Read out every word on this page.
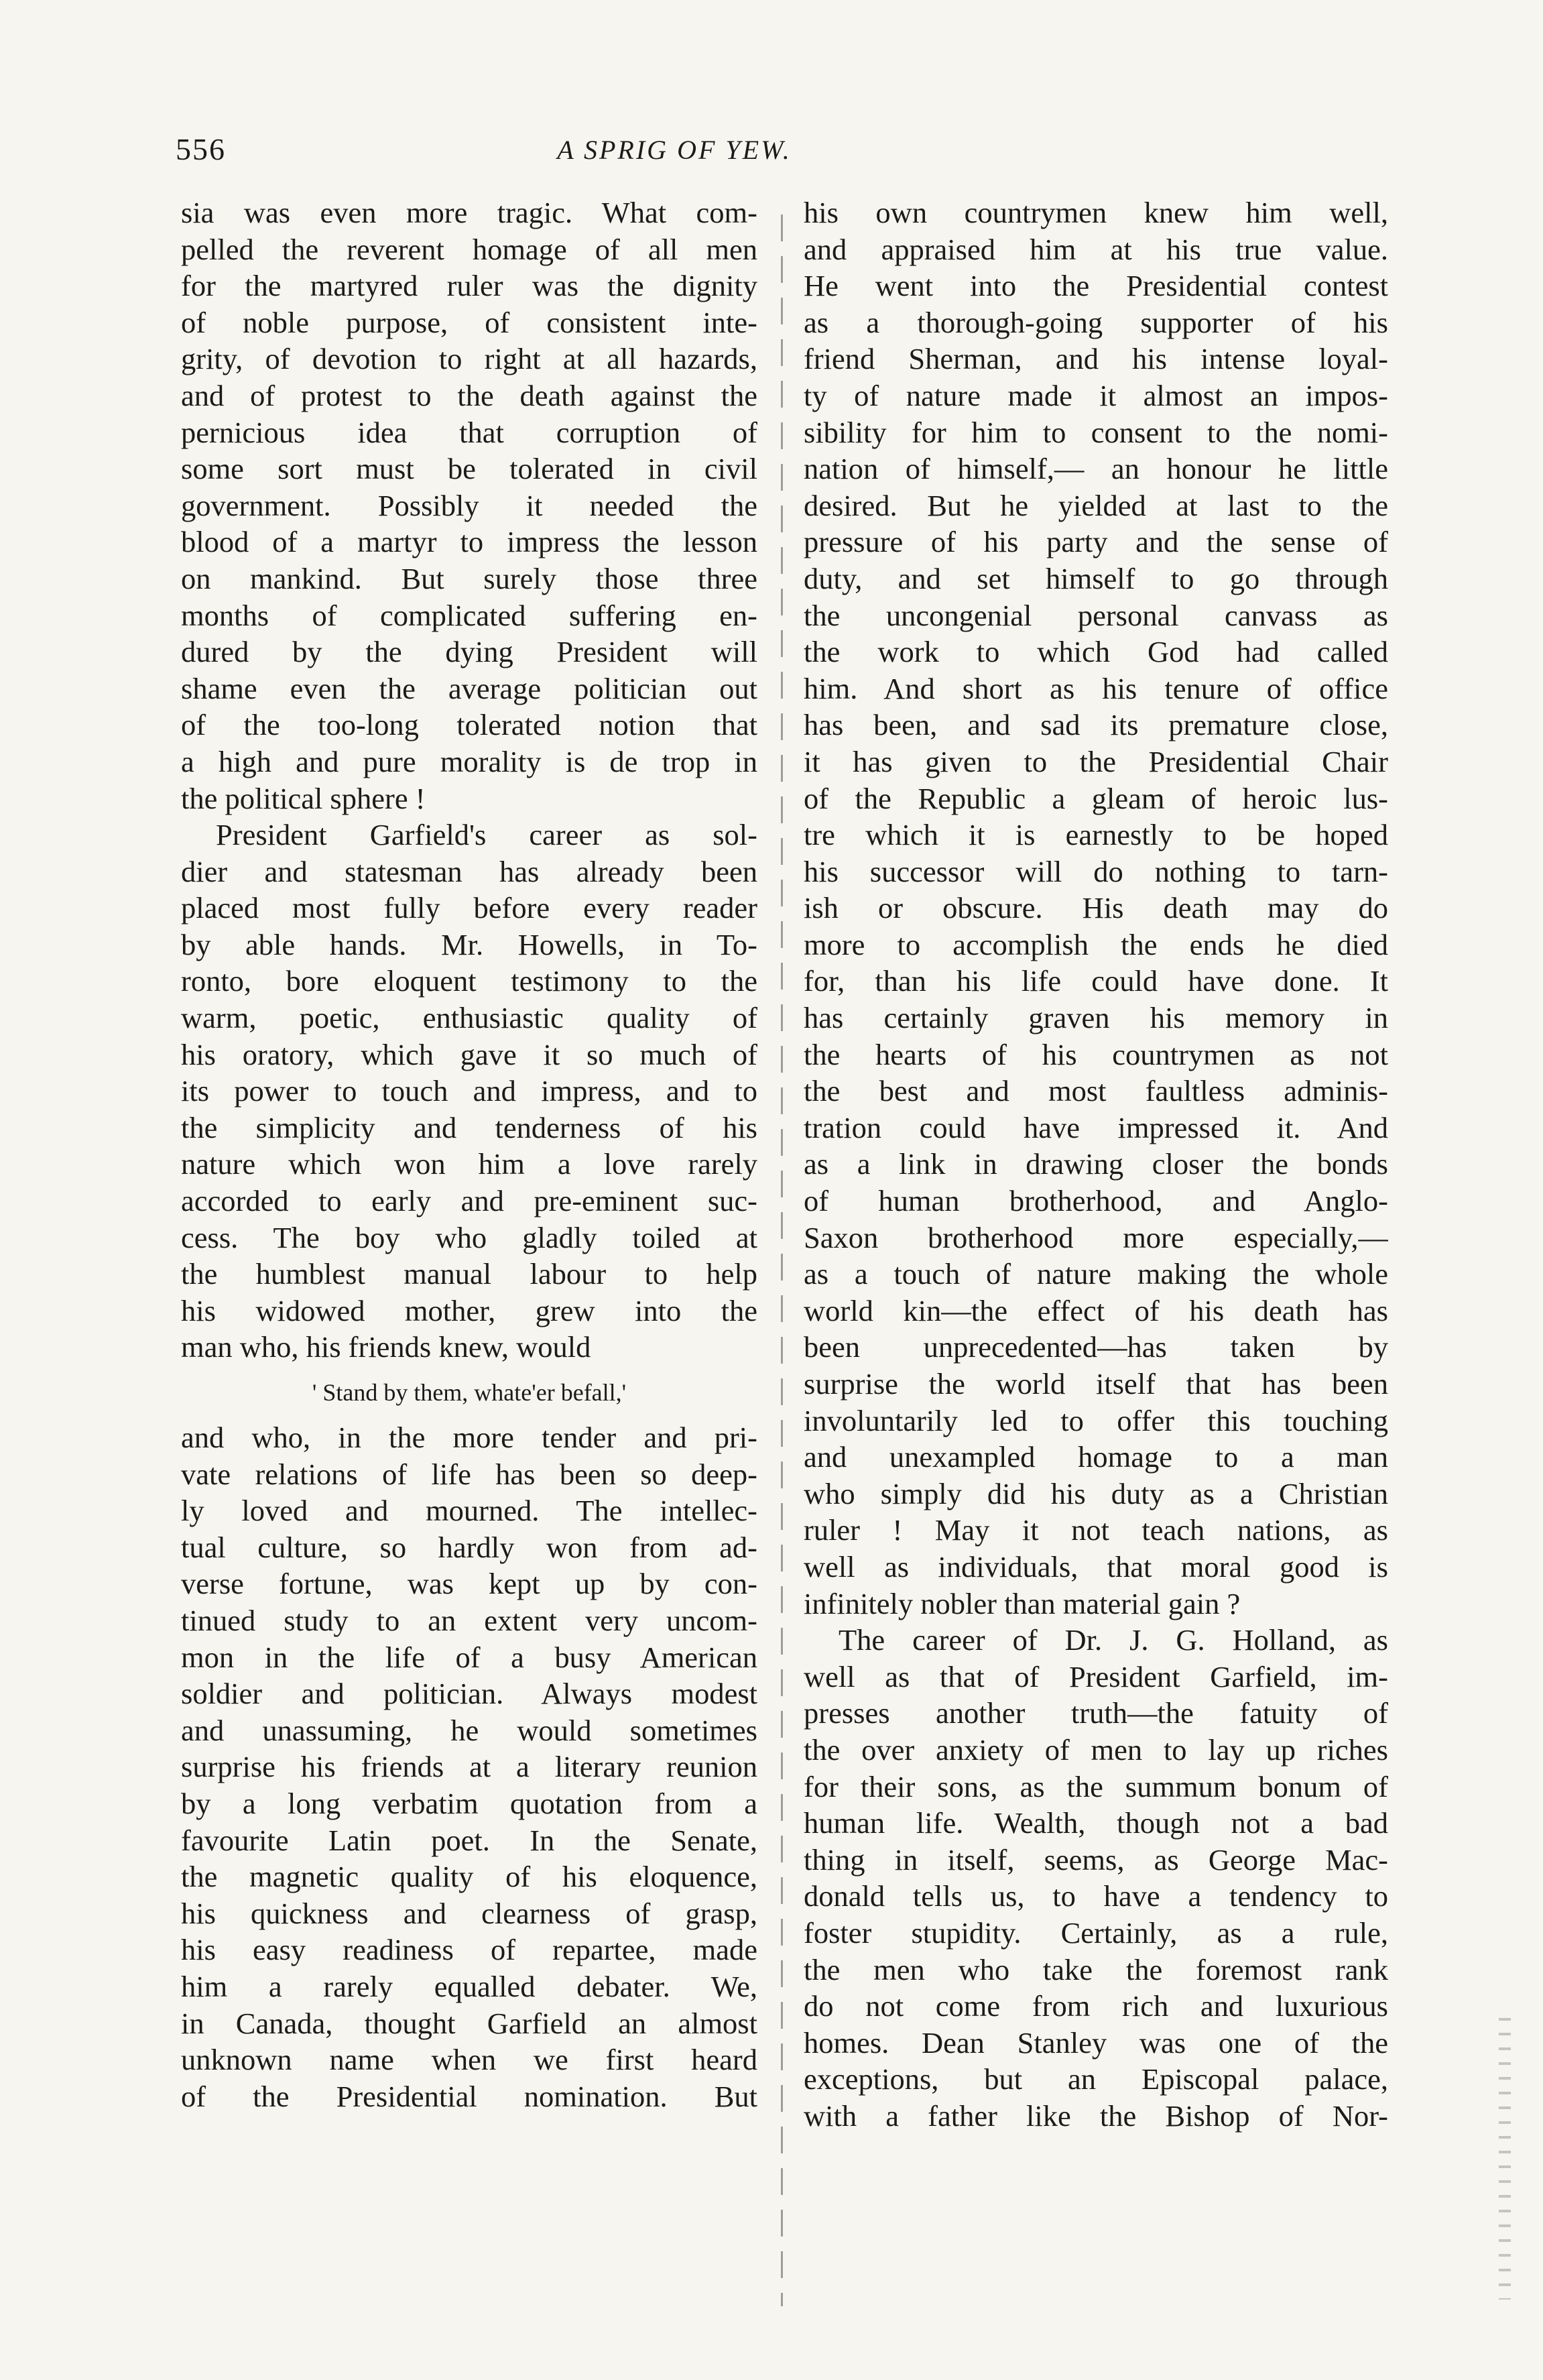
556	A SPRIG OF YEW.
sia was even more tragic. What com-
pelled the reverent homage of all men
for the martyred ruler was the dignity
of noble purpose, of consistent inte-
grity, of devotion to right at all hazards,
and of protest to the death against the
pernicious idea that corruption of
some sort must be tolerated in civil
government. Possibly it needed the
blood of a martyr to impress the lesson
on mankind. But surely those three
months of complicated suffering en-
dured by the dying President will
shame even the average politician out
of the too-long tolerated notion that
a high and pure morality is de trop in
the political sphere !
President Garfield's career as sol-
dier and statesman has already been
placed most fully before every reader
by able hands. Mr. Howells, in To-
ronto, bore eloquent testimony to the
warm, poetic, enthusiastic quality of
his oratory, which gave it so much of
its power to touch and impress, and to
the simplicity and tenderness of his
nature which won him a love rarely
accorded to early and pre-eminent suc-
cess. The boy who gladly toiled at
the humblest manual labour to help
his widowed mother, grew into the
man who, his friends knew, would
' Stand by them, whate'er befall,'
and who, in the more tender and pri-
vate relations of life has been so deep-
ly loved and mourned. The intellec-
tual culture, so hardly won from ad-
verse fortune, was kept up by con-
tinued study to an extent very uncom-
mon in the life of a busy American
soldier and politician. Always modest
and unassuming, he would sometimes
surprise his friends at a literary reunion
by a long verbatim quotation from a
favourite Latin poet. In the Senate,
the magnetic quality of his eloquence,
his quickness and clearness of grasp,
his easy readiness of repartee, made
him a rarely equalled debater. We,
in Canada, thought Garfield an almost
unknown name when we first heard
of the Presidential nomination. But
his own countrymen knew him well,
and appraised him at his true value.
He went into the Presidential contest
as a thorough-going supporter of his
friend Sherman, and his intense loyal-
ty of nature made it almost an impos-
sibility for him to consent to the nomi-
nation of himself,— an honour he little
desired. But he yielded at last to the
pressure of his party and the sense of
duty, and set himself to go through
the uncongenial personal canvass as
the work to which God had called
him. And short as his tenure of office
has been, and sad its premature close,
it has given to the Presidential Chair
of the Republic a gleam of heroic lus-
tre which it is earnestly to be hoped
his successor will do nothing to tarn-
ish or obscure. His death may do
more to accomplish the ends he died
for, than his life could have done. It
has certainly graven his memory in
the hearts of his countrymen as not
the best and most faultless adminis-
tration could have impressed it. And
as a link in drawing closer the bonds
of human brotherhood, and Anglo-
Saxon brotherhood more especially,—
as a touch of nature making the whole
world kin—the effect of his death has
been unprecedented—has taken by
surprise the world itself that has been
involuntarily led to offer this touching
and unexampled homage to a man
who simply did his duty as a Christian
ruler ! May it not teach nations, as
well as individuals, that moral good is
infinitely nobler than material gain ?
The career of Dr. J. G. Holland, as
well as that of President Garfield, im-
presses another truth—the fatuity of
the over anxiety of men to lay up riches
for their sons, as the summum bonum of
human life. Wealth, though not a bad
thing in itself, seems, as George Mac-
donald tells us, to have a tendency to
foster stupidity. Certainly, as a rule,
the men who take the foremost rank
do not come from rich and luxurious
homes. Dean Stanley was one of the
exceptions, but an Episcopal palace,
with a father like the Bishop of Nor-
